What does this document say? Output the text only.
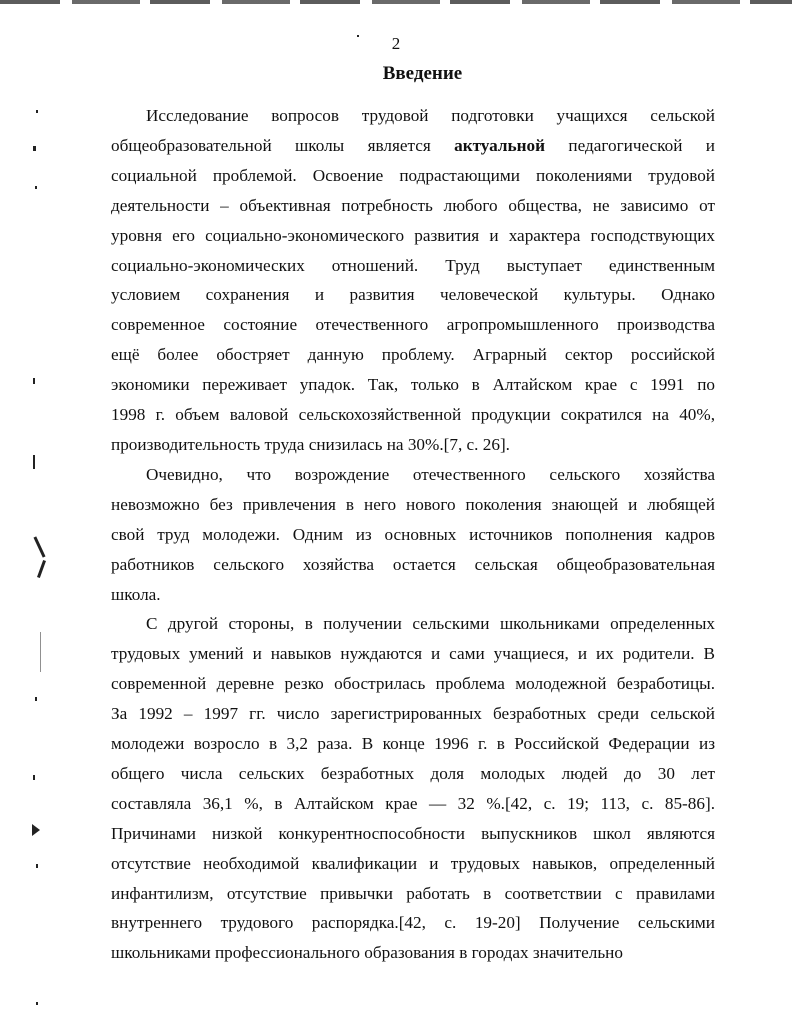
2
Введение
Исследование вопросов трудовой подготовки учащихся сельской
общеобразовательной школы является актуальной педагогической и
социальной проблемой. Освоение подрастающими поколениями трудовой
деятельности – объективная потребность любого общества, не зависимо от
уровня его социально-экономического развития и характера господствующих
социально-экономических отношений. Труд выступает единственным
условием сохранения и развития человеческой культуры. Однако
современное состояние отечественного агропромышленного производства
ещё более обостряет данную проблему. Аграрный сектор российской
экономики переживает упадок. Так, только в Алтайском крае с 1991 по
1998 г. объем валовой сельскохозяйственной продукции сократился на 40%,
производительность труда снизилась на 30%.[7, с. 26].
Очевидно, что возрождение отечественного сельского хозяйства
невозможно без привлечения в него нового поколения знающей и любящей
свой труд молодежи. Одним из основных источников пополнения кадров
работников сельского хозяйства остается сельская общеобразовательная
школа.
С другой стороны, в получении сельскими школьниками определенных
трудовых умений и навыков нуждаются и сами учащиеся, и их родители. В
современной деревне резко обострилась проблема молодежной безработицы.
За 1992 – 1997 гг. число зарегистрированных безработных среди сельской
молодежи возросло в 3,2 раза. В конце 1996 г. в Российской Федерации из
общего числа сельских безработных доля молодых людей до 30 лет
составляла 36,1 %, в Алтайском крае — 32 %.[42, с. 19; 113, с. 85-86].
Причинами низкой конкурентноспособности выпускников школ являются
отсутствие необходимой квалификации и трудовых навыков, определенный
инфантилизм, отсутствие привычки работать в соответствии с правилами
внутреннего трудового распорядка.[42, с. 19-20] Получение сельскими
школьниками профессионального образования в городах значительно
